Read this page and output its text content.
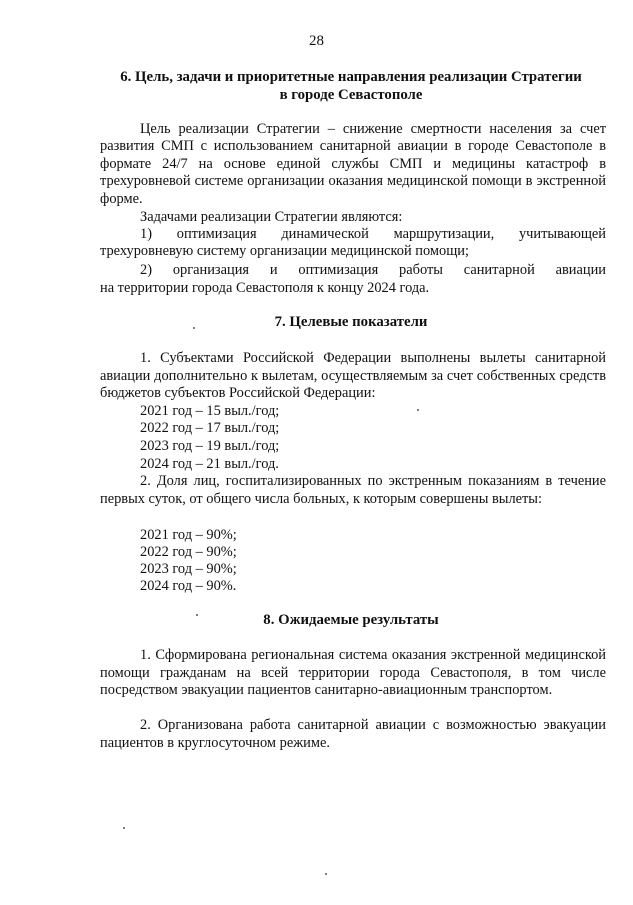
28
6. Цель, задачи и приоритетные направления реализации Стратегии
в городе Севастополе
Цель реализации Стратегии – снижение смертности населения за счет развития СМП с использованием санитарной авиации в городе Севастополе в формате 24/7 на основе единой службы СМП и медицины катастроф в трехуровневой системе организации оказания медицинской помощи в экстренной форме.
Задачами реализации Стратегии являются:
1) оптимизация динамической маршрутизации, учитывающей
трехуровневую систему организации медицинской помощи;
2) организация и оптимизация работы санитарной авиации
на территории города Севастополя к концу 2024 года.
7. Целевые показатели
1. Субъектами Российской Федерации выполнены вылеты санитарной авиации дополнительно к вылетам, осуществляемым за счет собственных средств бюджетов субъектов Российской Федерации:
2021 год – 15 выл./год;
2022 год – 17 выл./год;
2023 год – 19 выл./год;
2024 год – 21 выл./год.
2. Доля лиц, госпитализированных по экстренным показаниям в течение первых суток, от общего числа больных, к которым совершены вылеты:
2021 год – 90%;
2022 год – 90%;
2023 год – 90%;
2024 год – 90%.
8. Ожидаемые результаты
1. Сформирована региональная система оказания экстренной медицинской помощи гражданам на всей территории города Севастополя, в том числе посредством эвакуации пациентов санитарно-авиационным транспортом.
2. Организована работа санитарной авиации с возможностью эвакуации пациентов в круглосуточном режиме.
